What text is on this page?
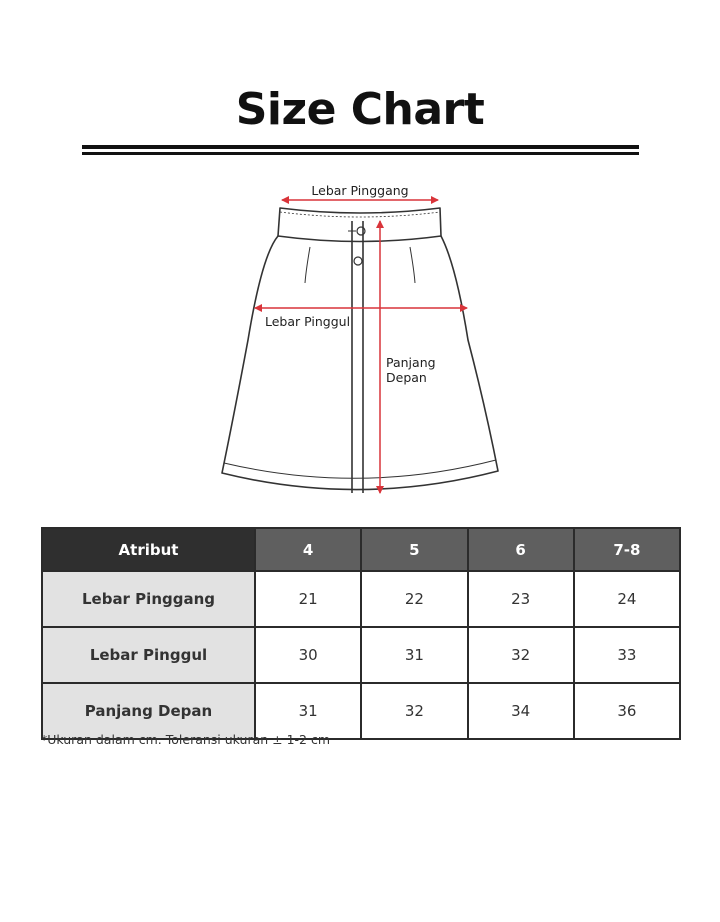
Size Chart
Lebar Pinggang
Lebar Pinggul
Panjang
Depan
Atribut	4	5	6	7-8
Lebar Pinggang	21	22	23	24
Lebar Pinggul	30	31	32	33
Panjang Depan	31	32	34	36
*Ukuran dalam cm. Toleransi ukuran ± 1-2 cm
